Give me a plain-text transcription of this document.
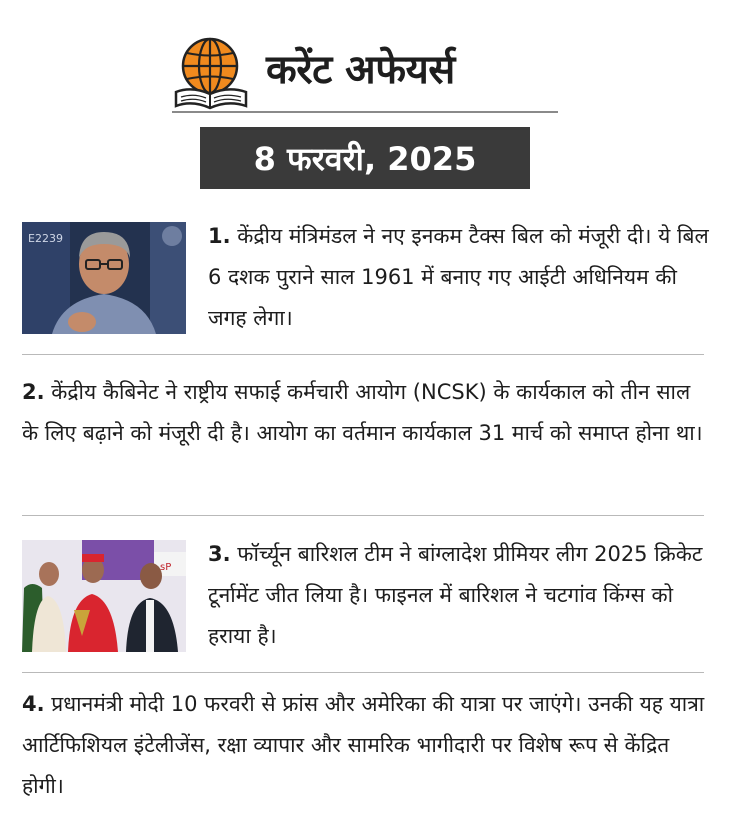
करेंट अफेयर्स
8 फरवरी, 2025
E2239	1. केंद्रीय मंत्रिमंडल ने नए इनकम टैक्स बिल को मंजूरी दी। ये बिल 6 दशक पुराने साल 1961 में बनाए गए आईटी अधिनियम की जगह लेगा।
2. केंद्रीय कैबिनेट ने राष्ट्रीय सफाई कर्मचारी आयोग (NCSK) के कार्यकाल को तीन साल के लिए बढ़ाने को मंजूरी दी है। आयोग का वर्तमान कार्यकाल 31 मार्च को समाप्त होना था।
sP
3. फॉर्च्यून बारिशल टीम ने बांग्लादेश प्रीमियर लीग 2025 क्रिकेट टूर्नामेंट जीत लिया है। फाइनल में बारिशल ने चटगांव किंग्स को हराया है।
4. प्रधानमंत्री मोदी 10 फरवरी से फ्रांस और अमेरिका की यात्रा पर जाएंगे। उनकी यह यात्रा आर्टिफिशियल इंटेलीजेंस, रक्षा व्यापार और सामरिक भागीदारी पर विशेष रूप से केंद्रित होगी।
